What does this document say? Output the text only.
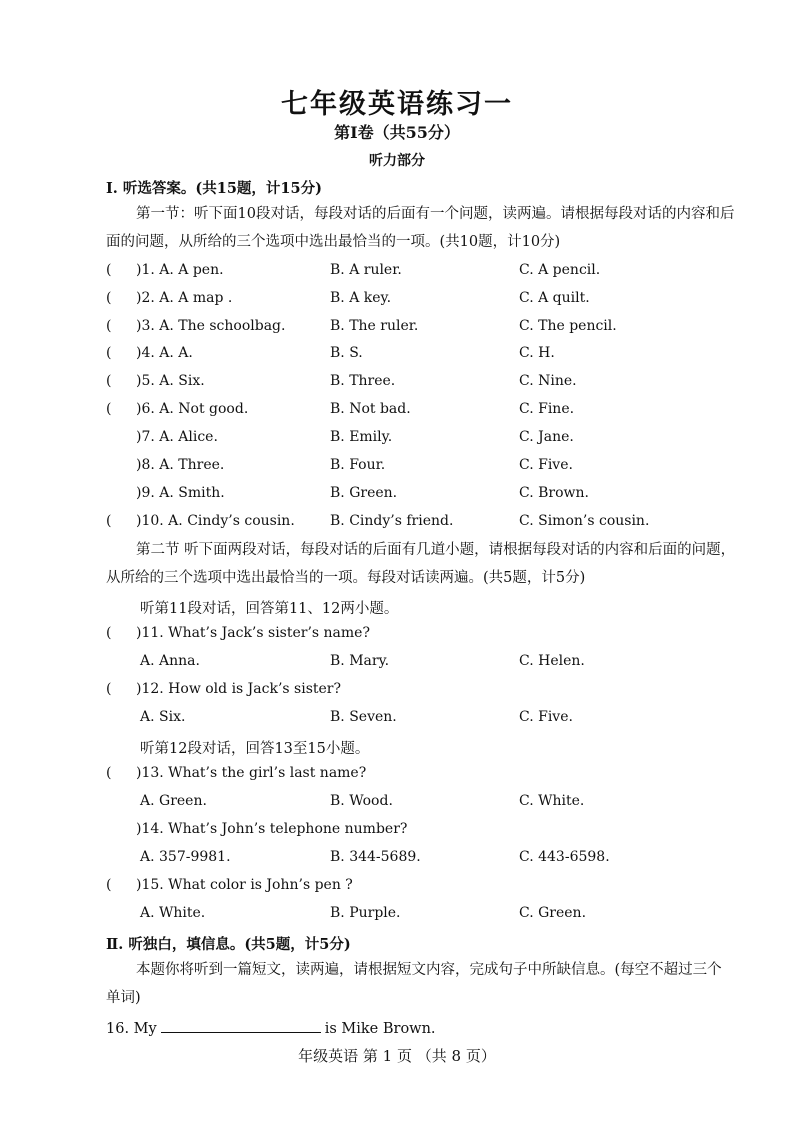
七年级英语练习一
第Ⅰ卷（共55分）
听力部分
Ⅰ. 听选答案。(共15题，计15分)
第一节：听下面10段对话，每段对话的后面有一个问题，读两遍。请根据每段对话的内容和后面的问题，从所给的三个选项中选出最恰当的一项。(共10题，计10分)
( )1. A. A pen.	B. A ruler.	C. A pencil.
( )2. A. A map .	B. A key.	C. A quilt.
( )3. A. The schoolbag.	B. The ruler.	C. The pencil.
( )4. A. A.	B. S.	C. H.
( )5. A. Six.	B. Three.	C. Nine.
( )6. A. Not good.	B. Not bad.	C. Fine.
)7. A. Alice.	B. Emily.	C. Jane.
)8. A. Three.	B. Four.	C. Five.
)9. A. Smith.	B. Green.	C. Brown.
( )10. A. Cindy’s cousin.	B. Cindy’s friend.	C. Simon’s cousin.
第二节 听下面两段对话，每段对话的后面有几道小题，请根据每段对话的内容和后面的问题，从所给的三个选项中选出最恰当的一项。每段对话读两遍。(共5题，计5分)
听第11段对话，回答第11、12两小题。
( )11. What’s Jack’s sister’s name?
A. Anna.	B. Mary.	C. Helen.
( )12. How old is Jack’s sister?
A. Six.	B. Seven.	C. Five.
听第12段对话，回答13至15小题。
( )13. What’s the girl’s last name?
A. Green.	B. Wood.	C. White.
)14. What’s John’s telephone number?
A. 357-9981.	B. 344-5689.	C. 443-6598.
( )15. What color is John’s pen ?
A. White.	B. Purple.	C. Green.
Ⅱ. 听独白，填信息。(共5题，计5分)
本题你将听到一篇短文，读两遍，请根据短文内容，完成句子中所缺信息。(每空不超过三个单词)
16. My	is Mike Brown.
年级英语 第 1 页 （共 8 页）
